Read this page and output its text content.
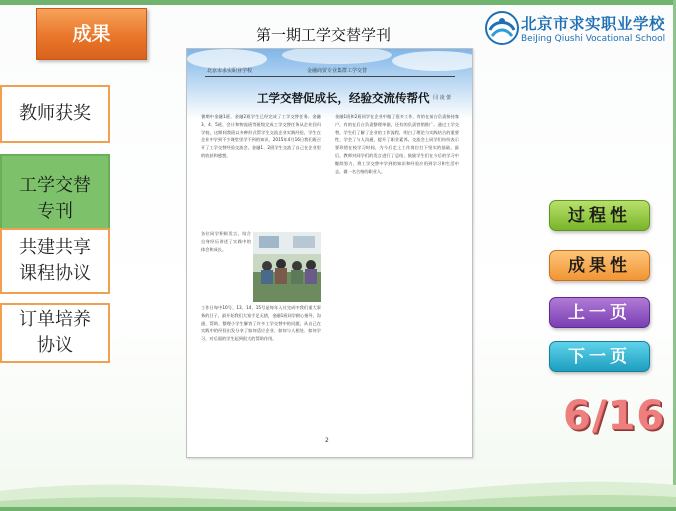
成果	北京市求实职业学校
BeiJing Qiushi Vocational School
第一期工学交替学刊
教师获奖
工学交替
专刊
共建共享
课程协议
订单培养
协议
北京市求实职业学校	金融商贸专业集群工学交替
工学交替促成长，经验交流传帮代 闫 凌 蕾
暑期中金融1班、金融2班学生已经完成了工学交替任务。金融3、4、5班，会计和物流班等班级完成工学交替任务从企业回归学校，这期间我班以多种形式帮学生交流企业实践经验，学生在企业中学到不少课堂里学不到的知识，2015年4月16日我们班召开了工学交替经验交流会。金融1、2班学生交流了自己在企业里的收获和感想。
各位同学积极发言，结合自身经历讲述了实践中的体会和成长。
工作日每中10号、13、14、15号是每年入社完成中我们重大事务的日子，最开始我们大家手足无措，金融1班同学耐心指导，沟通、帮助、整理小学生解答了许多工学交替中的问题，从自己在实践中的经验出发分享了如何适应企业、如何与人相处、如何学习，对后面的学生起到很大的帮助作用。
金融1班和2班同学在企业中做了很多工作，有的在前台负责接待客户，有的在后台负责整理单据，还有的负责营销推广。通过工学交替，学生们了解了企业的工作流程，明白了理论与实践结合的重要性，学会了与人沟通，提升了职业素养。交流会上同学们纷纷表示要珍惜在校学习时间，为今后走上工作岗位打下坚实的基础。最后，教师对同学们的发言进行了总结，鼓励学生们在今后的学习中继续努力，将工学交替中学到的知识和经验应用到学习和生活中去，做一名合格的职业人。
2
过程性
成果性
上一页
下一页
6/16
